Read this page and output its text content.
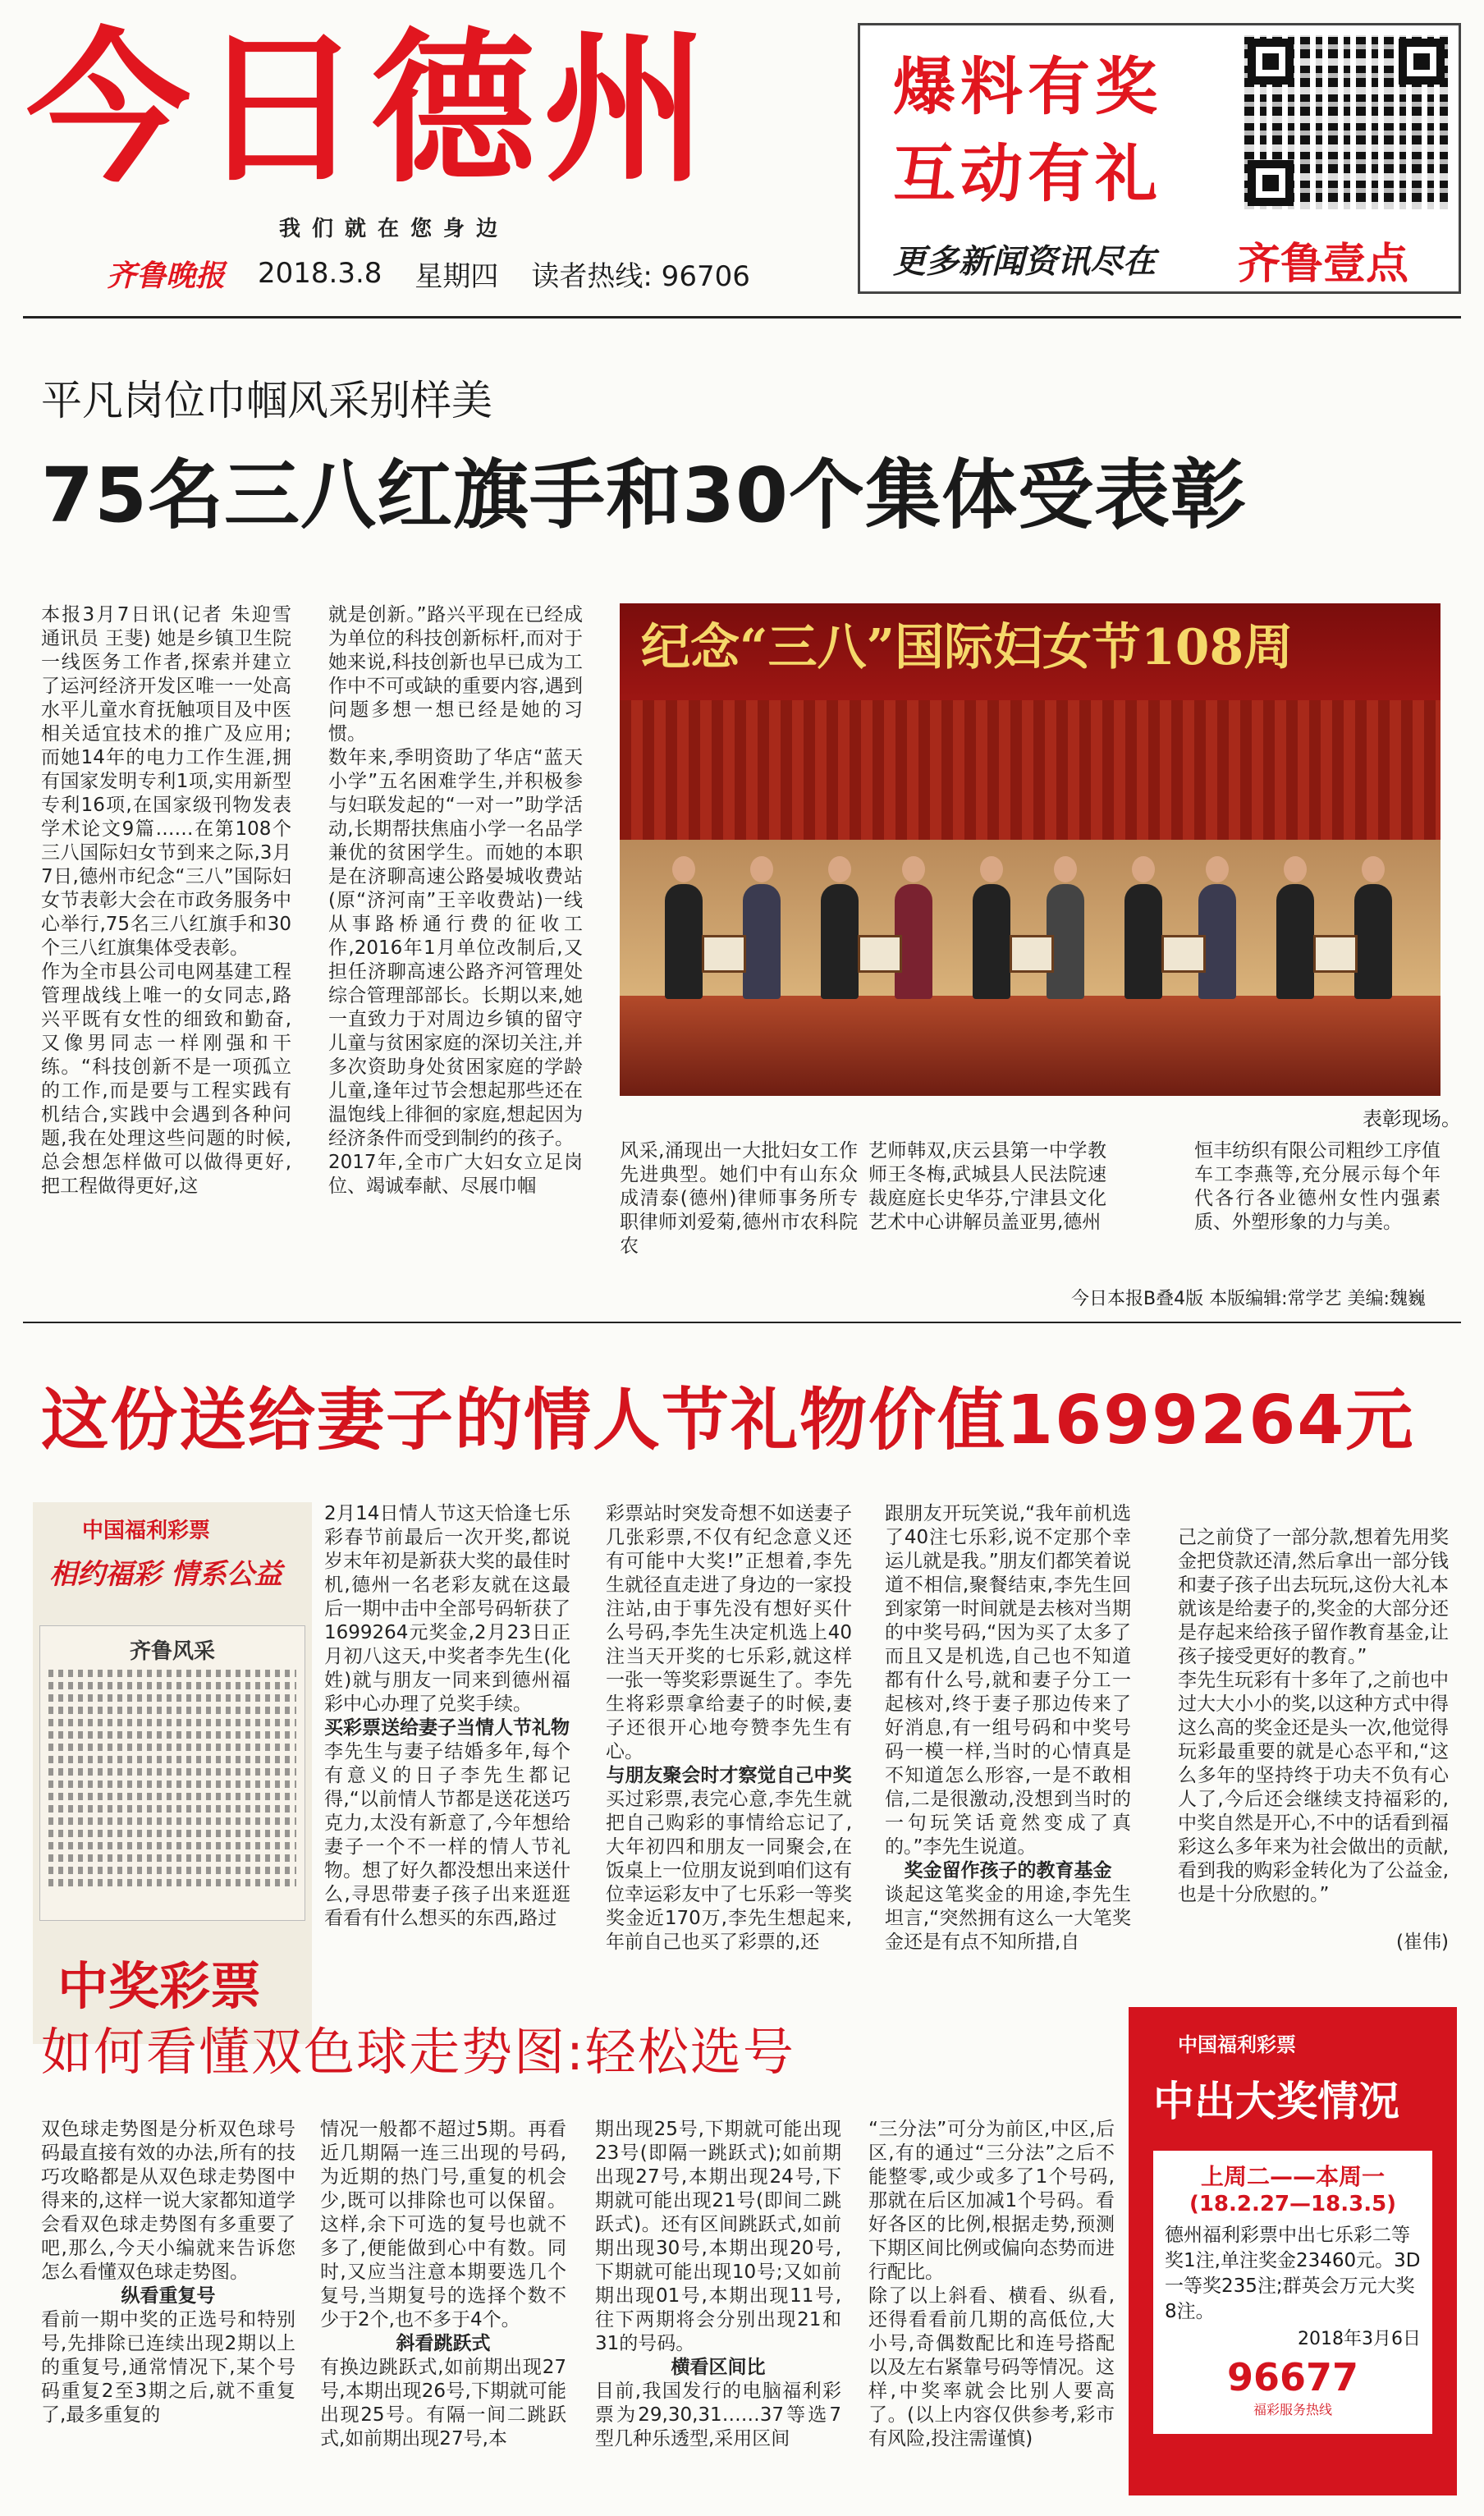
今日德州
我们就在您身边
齐鲁晚报 2018.3.8 星期四 读者热线: 96706
爆料有奖
互动有礼
更多新闻资讯尽在 齐鲁壹点
平凡岗位巾帼风采别样美
75名三八红旗手和30个集体受表彰
本报3月7日讯(记者 朱迎雪 通讯员 王斐) 她是乡镇卫生院一线医务工作者,探索并建立了运河经济开发区唯一一处高水平儿童水育抚触项目及中医相关适宜技术的推广及应用;而她14年的电力工作生涯,拥有国家发明专利1项,实用新型专利16项,在国家级刊物发表学术论文9篇……在第108个三八国际妇女节到来之际,3月7日,德州市纪念“三八”国际妇女节表彰大会在市政务服务中心举行,75名三八红旗手和30个三八红旗集体受表彰。
作为全市县公司电网基建工程管理战线上唯一的女同志,路兴平既有女性的细致和勤奋,又像男同志一样刚强和干练。“科技创新不是一项孤立的工作,而是要与工程实践有机结合,实践中会遇到各种问题,我在处理这些问题的时候,总会想怎样做可以做得更好,把工程做得更好,这
就是创新。”路兴平现在已经成为单位的科技创新标杆,而对于她来说,科技创新也早已成为工作中不可或缺的重要内容,遇到问题多想一想已经是她的习惯。
数年来,季明资助了华店“蓝天小学”五名困难学生,并积极参与妇联发起的“一对一”助学活动,长期帮扶焦庙小学一名品学兼优的贫困学生。而她的本职是在济聊高速公路晏城收费站(原“济河南”王辛收费站)一线从事路桥通行费的征收工作,2016年1月单位改制后,又担任济聊高速公路齐河管理处综合管理部部长。长期以来,她一直致力于对周边乡镇的留守儿童与贫困家庭的深切关注,并多次资助身处贫困家庭的学龄儿童,逢年过节会想起那些还在温饱线上徘徊的家庭,想起因为经济条件而受到制约的孩子。
2017年,全市广大妇女立足岗位、竭诚奉献、尽展巾帼
纪念“三八”国际妇女节108周
表彰现场。
风采,涌现出一大批妇女工作先进典型。她们中有山东众成清泰(德州)律师事务所专职律师刘爱菊,德州市农科院农
艺师韩双,庆云县第一中学教师王冬梅,武城县人民法院速裁庭庭长史华芬,宁津县文化艺术中心讲解员盖亚男,德州
恒丰纺织有限公司粗纱工序值车工李燕等,充分展示每个年代各行各业德州女性内强素质、外塑形象的力与美。
今日本报B叠4版 本版编辑:常学艺 美编:魏巍
这份送给妻子的情人节礼物价值1699264元
中国福利彩票
相约福彩 情系公益
齐鲁风采
中奖彩票
2月14日情人节这天恰逢七乐彩春节前最后一次开奖,都说岁末年初是新获大奖的最佳时机,德州一名老彩友就在这最后一期中击中全部号码斩获了1699264元奖金,2月23日正月初八这天,中奖者李先生(化姓)就与朋友一同来到德州福彩中心办理了兑奖手续。
买彩票送给妻子当情人节礼物
李先生与妻子结婚多年,每个有意义的日子李先生都记得,“以前情人节都是送花送巧克力,太没有新意了,今年想给妻子一个不一样的情人节礼物。想了好久都没想出来送什么,寻思带妻子孩子出来逛逛看看有什么想买的东西,路过
彩票站时突发奇想不如送妻子几张彩票,不仅有纪念意义还有可能中大奖!”正想着,李先生就径直走进了身边的一家投注站,由于事先没有想好买什么号码,李先生决定机选上40注当天开奖的七乐彩,就这样一张一等奖彩票诞生了。李先生将彩票拿给妻子的时候,妻子还很开心地夸赞李先生有心。
与朋友聚会时才察觉自己中奖
买过彩票,表完心意,李先生就把自己购彩的事情给忘记了,大年初四和朋友一同聚会,在饭桌上一位朋友说到咱们这有位幸运彩友中了七乐彩一等奖奖金近170万,李先生想起来,年前自己也买了彩票的,还
跟朋友开玩笑说,“我年前机选了40注七乐彩,说不定那个幸运儿就是我。”朋友们都笑着说道不相信,聚餐结束,李先生回到家第一时间就是去核对当期的中奖号码,“因为买了太多了而且又是机选,自己也不知道都有什么号,就和妻子分工一起核对,终于妻子那边传来了好消息,有一组号码和中奖号码一模一样,当时的心情真是不知道怎么形容,一是不敢相信,二是很激动,没想到当时的一句玩笑话竟然变成了真的。”李先生说道。
奖金留作孩子的教育基金
谈起这笔奖金的用途,李先生坦言,“突然拥有这么一大笔奖金还是有点不知所措,自

己之前贷了一部分款,想着先用奖金把贷款还清,然后拿出一部分钱和妻子孩子出去玩玩,这份大礼本就该是给妻子的,奖金的大部分还是存起来给孩子留作教育基金,让孩子接受更好的教育。”
李先生玩彩有十多年了,之前也中过大大小小的奖,以这种方式中得这么高的奖金还是头一次,他觉得玩彩最重要的就是心态平和,“这么多年的坚持终于功夫不负有心人了,今后还会继续支持福彩的,中奖自然是开心,不中的话看到福彩这么多年来为社会做出的贡献,看到我的购彩金转化为了公益金,也是十分欣慰的。”

(崔伟)

如何看懂双色球走势图:轻松选号
双色球走势图是分析双色球号码最直接有效的办法,所有的技巧攻略都是从双色球走势图中得来的,这样一说大家都知道学会看双色球走势图有多重要了吧,那么,今天小编就来告诉您怎么看懂双色球走势图。
纵看重复号
看前一期中奖的正选号和特别号,先排除已连续出现2期以上的重复号,通常情况下,某个号码重复2至3期之后,就不重复了,最多重复的
情况一般都不超过5期。再看近几期隔一连三出现的号码,为近期的热门号,重复的机会少,既可以排除也可以保留。这样,余下可选的复号也就不多了,便能做到心中有数。同时,又应当注意本期要选几个复号,当期复号的选择个数不少于2个,也不多于4个。
斜看跳跃式
有换边跳跃式,如前期出现27号,本期出现26号,下期就可能出现25号。有隔一间二跳跃式,如前期出现27号,本
期出现25号,下期就可能出现23号(即隔一跳跃式);如前期出现27号,本期出现24号,下期就可能出现21号(即间二跳跃式)。还有区间跳跃式,如前期出现30号,本期出现20号,下期就可能出现10号;又如前期出现01号,本期出现11号,往下两期将会分别出现21和31的号码。
横看区间比
目前,我国发行的电脑福利彩票为29,30,31……37等选7型几种乐透型,采用区间
“三分法”可分为前区,中区,后区,有的通过“三分法”之后不能整零,或少或多了1个号码,那就在后区加减1个号码。看好各区的比例,根据走势,预测下期区间比例或偏向态势而进行配比。
除了以上斜看、横看、纵看,还得看看前几期的高低位,大小号,奇偶数配比和连号搭配以及左右紧靠号码等情况。这样,中奖率就会比别人要高了。(以上内容仅供参考,彩市有风险,投注需谨慎)
中国福利彩票
中出大奖情况
上周二——本周一
(18.2.27—18.3.5)
德州福利彩票中出七乐彩二等奖1注,单注奖金23460元。3D一等奖235注;群英会万元大奖8注。
2018年3月6日
96677
福彩服务热线
